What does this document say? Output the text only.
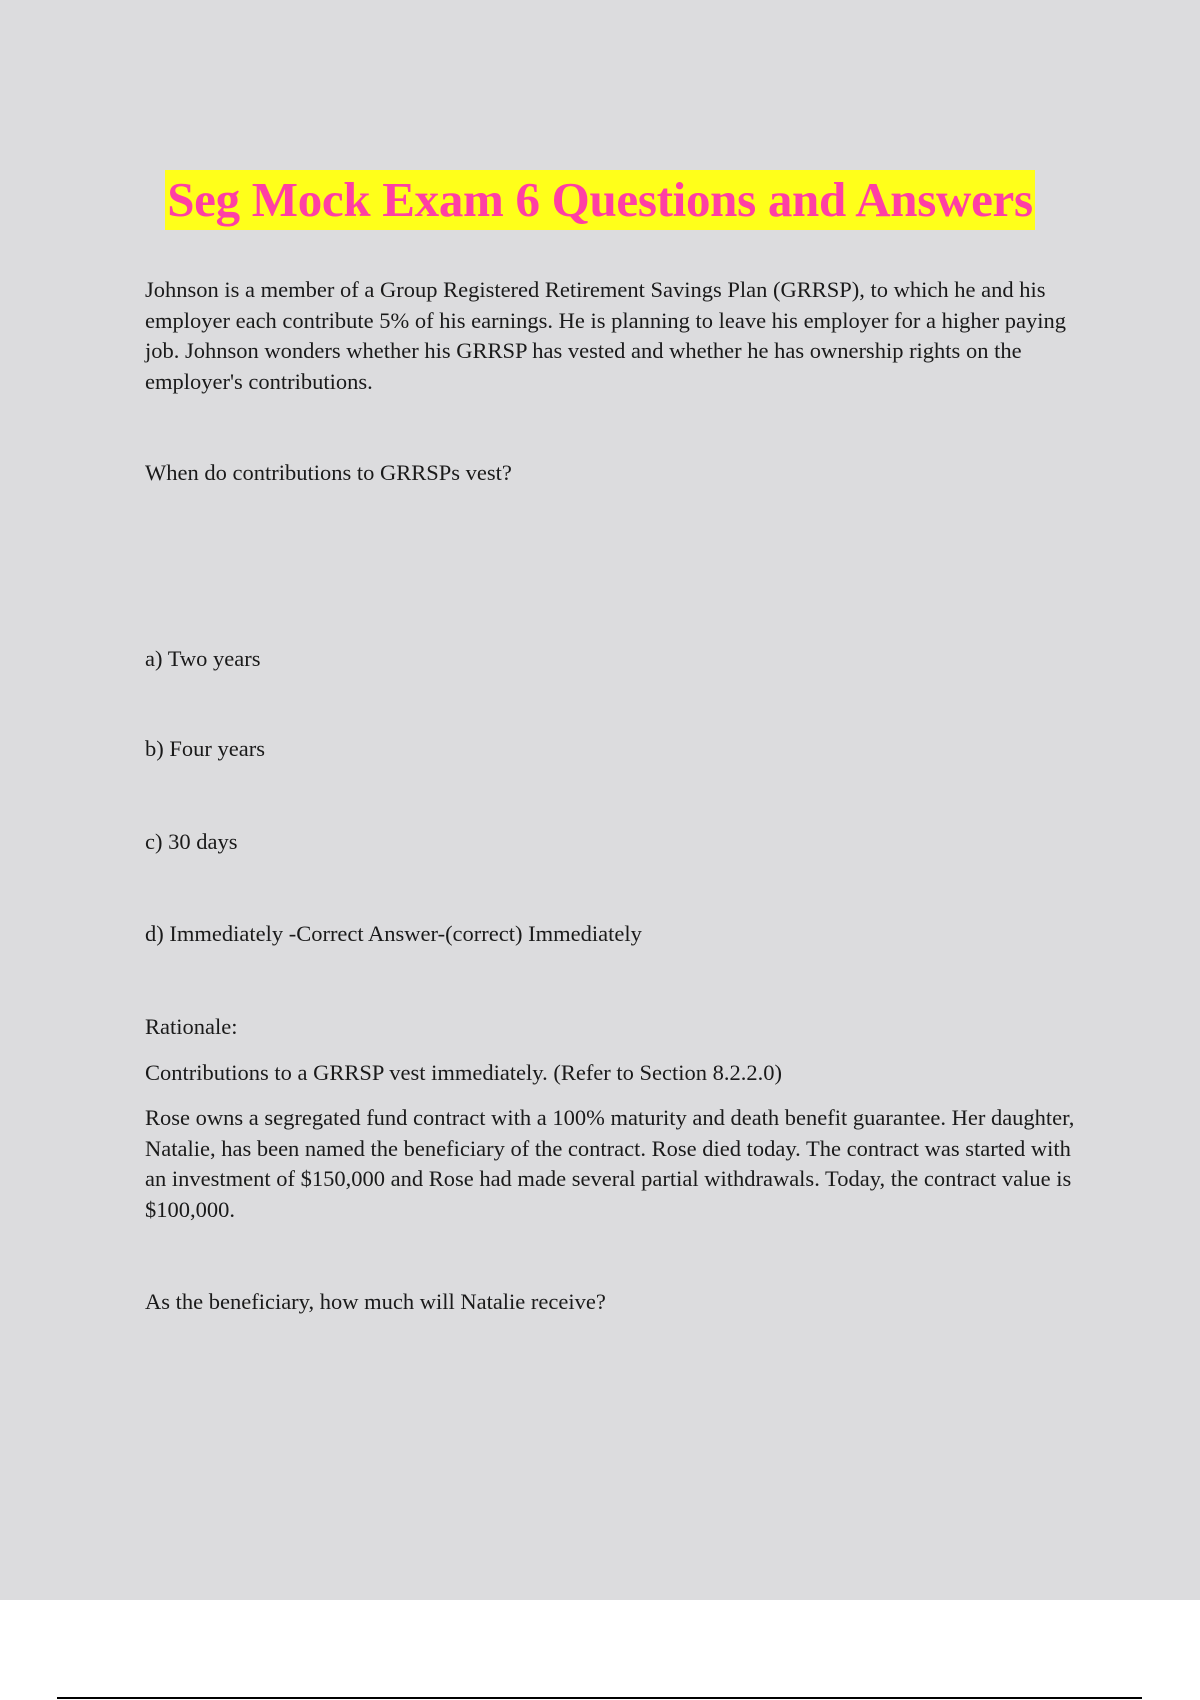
Seg Mock Exam 6 Questions and Answers

Johnson is a member of a Group Registered Retirement Savings Plan (GRRSP), to which he and his employer each contribute 5% of his earnings. He is planning to leave his employer for a higher paying job. Johnson wonders whether his GRRSP has vested and whether he has ownership rights on the employer's contributions.

When do contributions to GRRSPs vest?

a) Two years

b) Four years

c) 30 days

d) Immediately -Correct Answer-(correct) Immediately

Rationale:

Contributions to a GRRSP vest immediately. (Refer to Section 8.2.2.0)

Rose owns a segregated fund contract with a 100% maturity and death benefit guarantee. Her daughter, Natalie, has been named the beneficiary of the contract. Rose died today. The contract was started with an investment of $150,000 and Rose had made several partial withdrawals. Today, the contract value is $100,000.

As the beneficiary, how much will Natalie receive?
